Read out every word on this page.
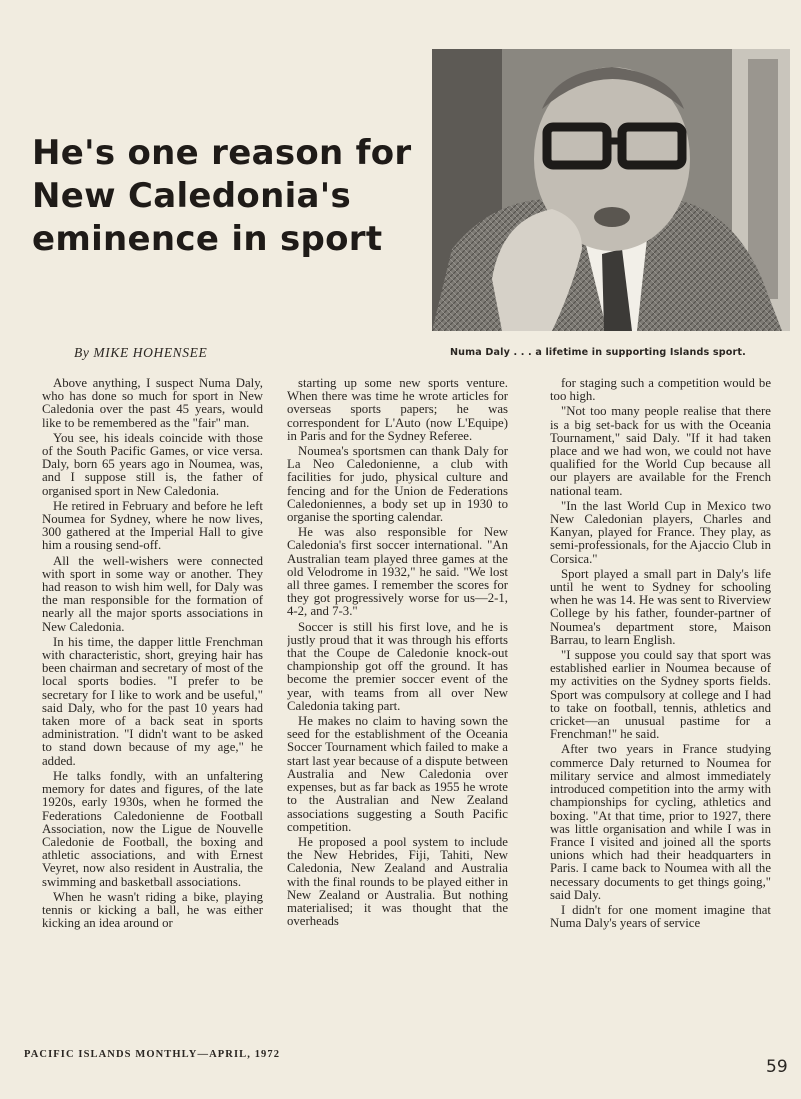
He's one reason for
New Caledonia's
eminence in sport
By MIKE HOHENSEE	Numa Daly . . . a lifetime in supporting Islands sport.

Above anything, I suspect Numa Daly, who has done so much for sport in New Caledonia over the past 45 years, would like to be remembered as the "fair" man.

You see, his ideals coincide with those of the South Pacific Games, or vice versa. Daly, born 65 years ago in Noumea, was, and I suppose still is, the father of organised sport in New Caledonia.

He retired in February and before he left Noumea for Sydney, where he now lives, 300 gathered at the Imperial Hall to give him a rousing send-off.

All the well-wishers were connected with sport in some way or another. They had reason to wish him well, for Daly was the man responsible for the formation of nearly all the major sports associations in New Caledonia.

In his time, the dapper little Frenchman with characteristic, short, greying hair has been chairman and secretary of most of the local sports bodies. "I prefer to be secretary for I like to work and be useful," said Daly, who for the past 10 years had taken more of a back seat in sports administration. "I didn't want to be asked to stand down because of my age," he added.

He talks fondly, with an unfaltering memory for dates and figures, of the late 1920s, early 1930s, when he formed the Federations Caledonienne de Football Association, now the Ligue de Nouvelle Caledonie de Football, the boxing and athletic associations, and with Ernest Veyret, now also resident in Australia, the swimming and basketball associations.

When he wasn't riding a bike, playing tennis or kicking a ball, he was either kicking an idea around or

starting up some new sports venture. When there was time he wrote articles for overseas sports papers; he was correspondent for L'Auto (now L'Equipe) in Paris and for the Sydney Referee.

Noumea's sportsmen can thank Daly for La Neo Caledonienne, a club with facilities for judo, physical culture and fencing and for the Union de Federations Caledoniennes, a body set up in 1930 to organise the sporting calendar.

He was also responsible for New Caledonia's first soccer international. "An Australian team played three games at the old Velodrome in 1932," he said. "We lost all three games. I remember the scores for they got progressively worse for us—2-1, 4-2, and 7-3."

Soccer is still his first love, and he is justly proud that it was through his efforts that the Coupe de Caledonie knock-out championship got off the ground. It has become the premier soccer event of the year, with teams from all over New Caledonia taking part.

He makes no claim to having sown the seed for the establishment of the Oceania Soccer Tournament which failed to make a start last year because of a dispute between Australia and New Caledonia over expenses, but as far back as 1955 he wrote to the Australian and New Zealand associations suggesting a South Pacific competition.

He proposed a pool system to include the New Hebrides, Fiji, Tahiti, New Caledonia, New Zealand and Australia with the final rounds to be played either in New Zealand or Australia. But nothing materialised; it was thought that the overheads

for staging such a competition would be too high.

"Not too many people realise that there is a big set-back for us with the Oceania Tournament," said Daly. "If it had taken place and we had won, we could not have qualified for the World Cup because all our players are available for the French national team.

"In the last World Cup in Mexico two New Caledonian players, Charles and Kanyan, played for France. They play, as semi-professionals, for the Ajaccio Club in Corsica."

Sport played a small part in Daly's life until he went to Sydney for schooling when he was 14. He was sent to Riverview College by his father, founder-partner of Noumea's department store, Maison Barrau, to learn English.

"I suppose you could say that sport was established earlier in Noumea because of my activities on the Sydney sports fields. Sport was compulsory at college and I had to take on football, tennis, athletics and cricket—an unusual pastime for a Frenchman!" he said.

After two years in France studying commerce Daly returned to Noumea for military service and almost immediately introduced competition into the army with championships for cycling, athletics and boxing. "At that time, prior to 1927, there was little organisation and while I was in France I visited and joined all the sports unions which had their headquarters in Paris. I came back to Noumea with all the necessary documents to get things going," said Daly.

I didn't for one moment imagine that Numa Daly's years of service

PACIFIC ISLANDS MONTHLY—APRIL, 1972
59
